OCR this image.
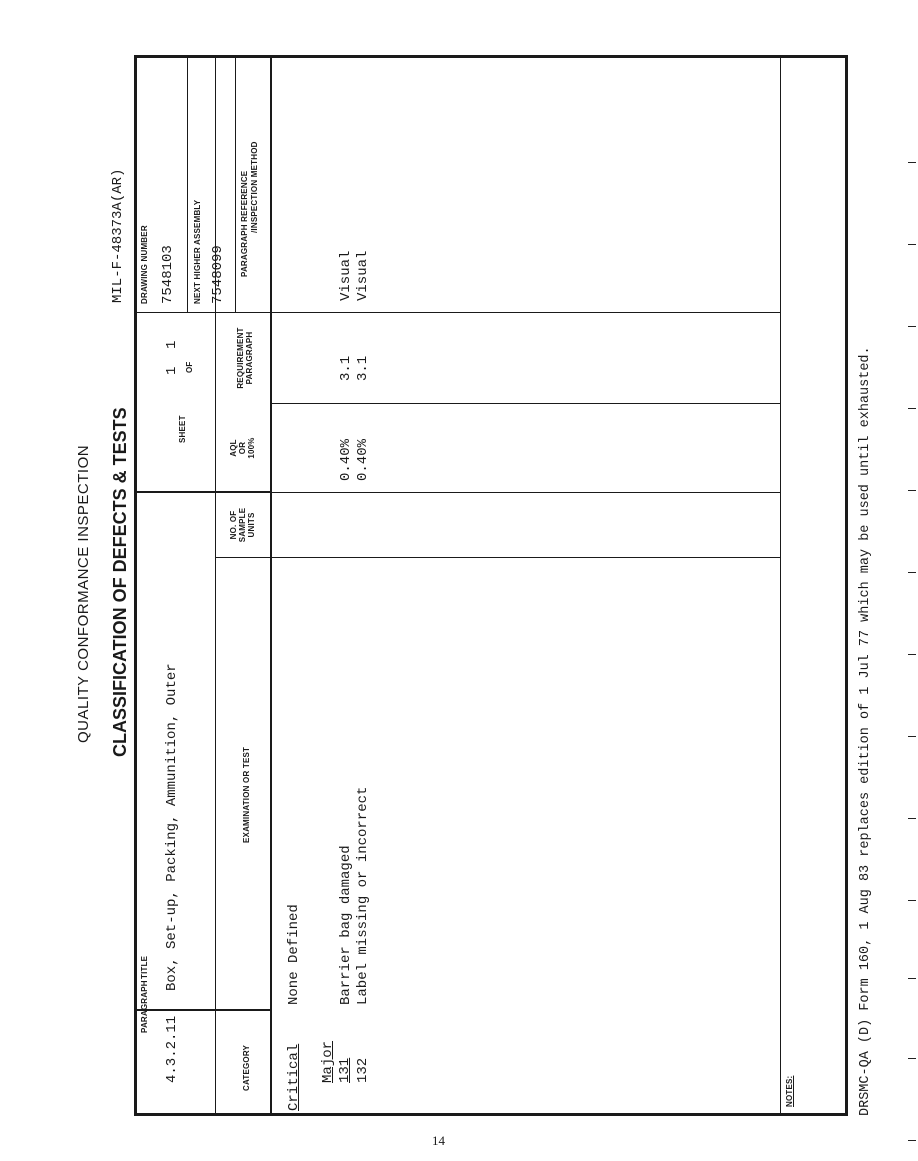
QUALITY CONFORMANCE INSPECTION CLASSIFICATION OF DEFECTS & TESTS
MIL-F-48373A(AR)
PARAGRAPH
4.3.2.11
TITLE Box, Set-up, Packing, Ammunition, Outer
SHEET
1 OF
1
DRAWING NUMBER 7548103 NEXT HIGHER ASSEMBLY 7548099
CATEGORY
EXAMINATION OR TEST
NO. OF SAMPLE UNITS
AQL OR 100%
REQUIREMENT PARAGRAPH
PARAGRAPH REFERENCE /INSPECTION METHOD
Critical
None Defined
Major 131
Barrier bag damaged
0.40%
3.1
Visual
132
Label missing or incorrect
0.40%
3.1
Visual
NOTES:	DRSMC-QA (D) Form 160, 1 Aug 83 replaces edition of 1 Jul 77 which may be used until exhausted.
14
